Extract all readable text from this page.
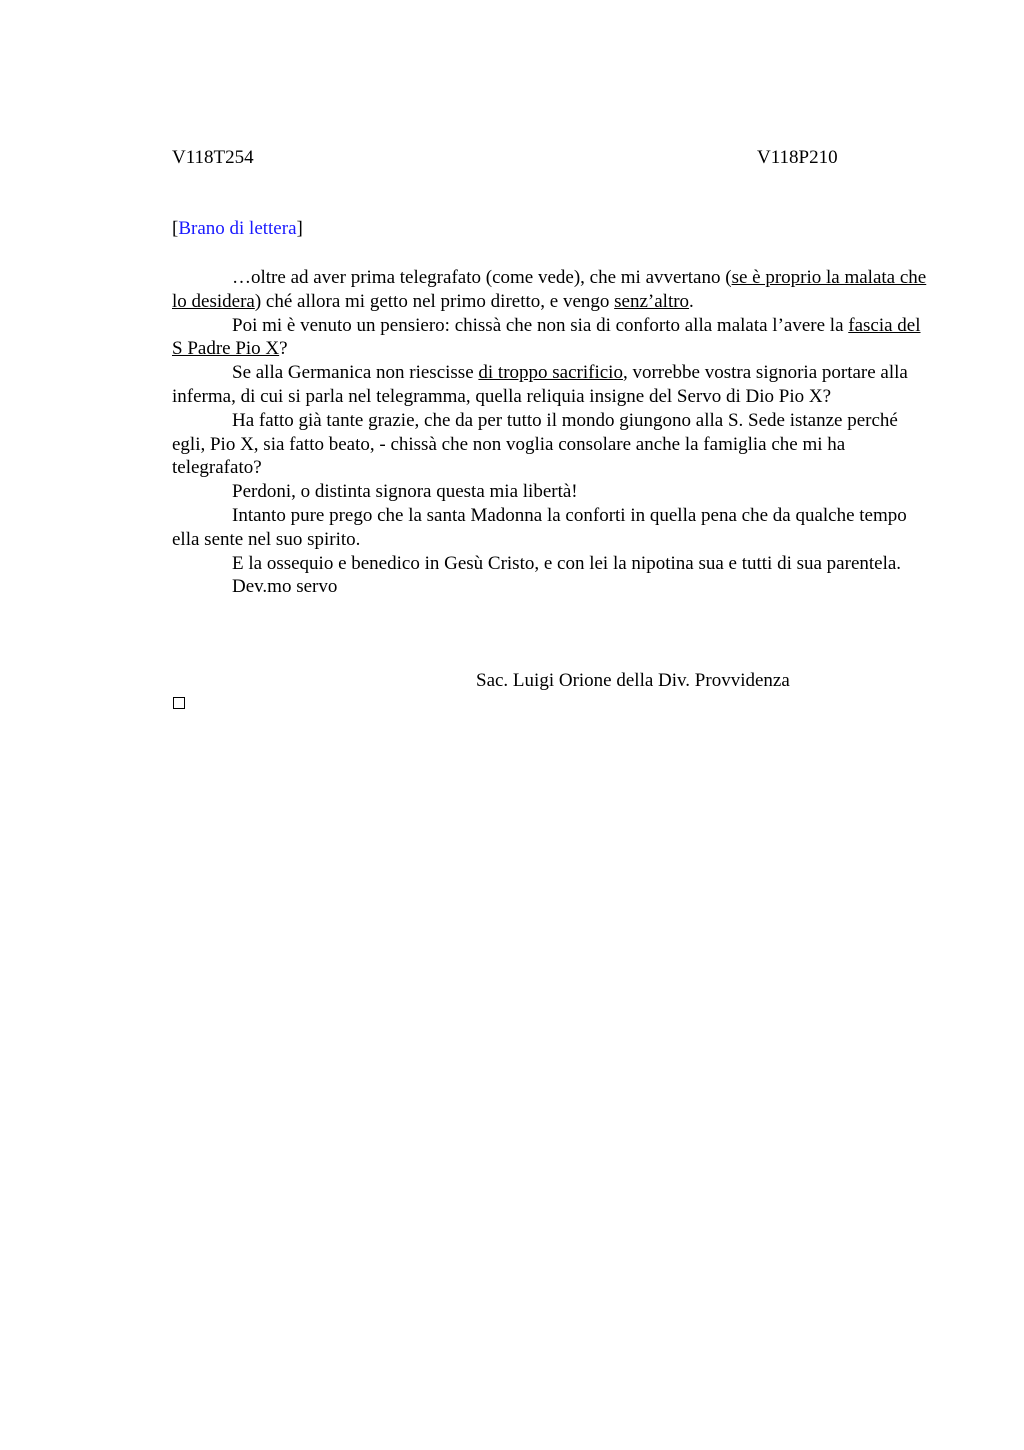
V118T254	V118P210
[Brano di lettera]

…oltre ad aver prima telegrafato (come vede), che mi avvertano (se è proprio la malata che lo desidera) ché allora mi getto nel primo diretto, e vengo senz’altro.

Poi mi è venuto un pensiero: chissà che non sia di conforto alla malata l’avere la fascia del S Padre Pio X?

Se alla Germanica non riescisse di troppo sacrificio, vorrebbe vostra signoria portare alla inferma, di cui si parla nel telegramma, quella reliquia insigne del Servo di Dio Pio X?

Ha fatto già tante grazie, che da per tutto il mondo giungono alla S. Sede istanze perché egli, Pio X, sia fatto beato, - chissà che non voglia consolare anche la famiglia che mi ha telegrafato?

Perdoni, o distinta signora questa mia libertà!

Intanto pure prego che la santa Madonna la conforti in quella pena che da qualche tempo ella sente nel suo spirito.

E la ossequio e benedico in Gesù Cristo, e con lei la nipotina sua e tutti di sua parentela.

Dev.mo servo

Sac. Luigi Orione della Div. Provvidenza
